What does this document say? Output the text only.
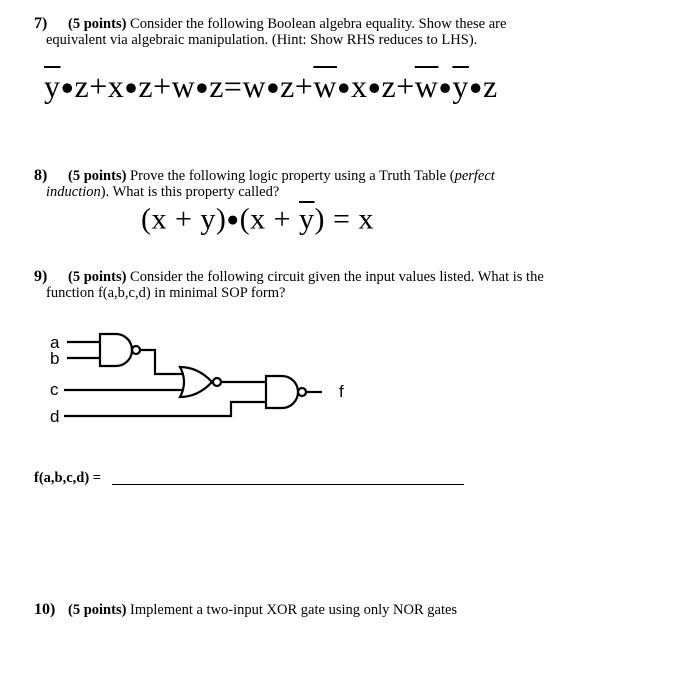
7) (5 points) Consider the following Boolean algebra equality. Show these are
equivalent via algebraic manipulation. (Hint: Show RHS reduces to LHS).
$\overline{y}●z+x●z+w●z=w●z+\overline{w}●x●z+\overline{w}●\overline{y}●z$
8) (5 points) Prove the following logic property using a Truth Table (perfect
induction). What is this property called?
(x + y)●(x + $\overline{y}) = x$
9) (5 points) Consider the following circuit given the input values listed. What is the
function f(a,b,c,d) in minimal SOP form?
a
b
c
d
f
f(a,b,c,d) =
10) (5 points) Implement a two-input XOR gate using only NOR gates
